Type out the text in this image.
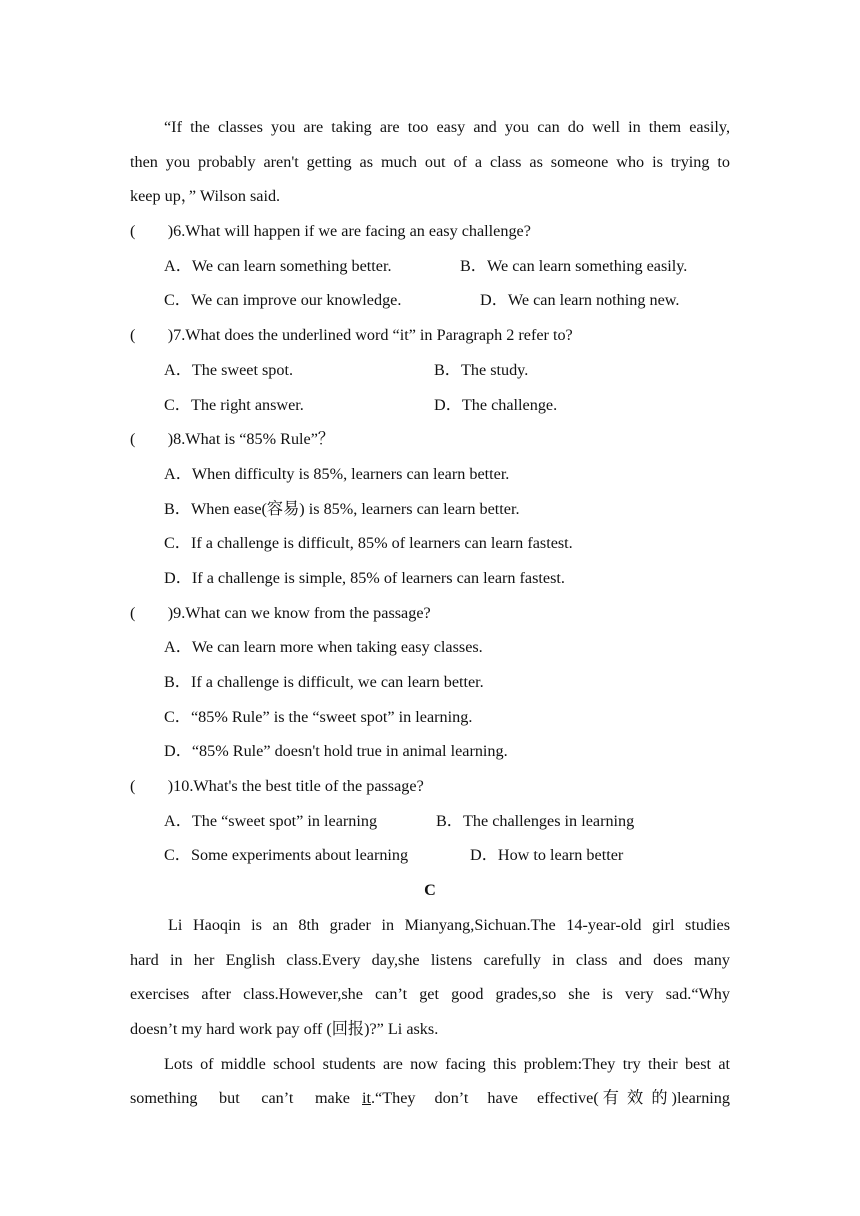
“If the classes you are taking are too easy and you can do well in them easily,
then you probably aren't getting as much out of a class as someone who is trying to
keep up，” Wilson said.
(　　)6.What will happen if we are facing an easy challenge?
A．We can learn something better.	B．We can learn something easily.
C．We can improve our knowledge.	D．We can learn nothing new.
(　　)7.What does the underlined word “it” in Paragraph 2 refer to?
A．The sweet spot.	B．The study.
C．The right answer.	D．The challenge.
(　　)8.What is “85% Rule”？
A．When difficulty is 85%, learners can learn better.
B．When ease(容易) is 85%, learners can learn better.
C．If a challenge is difficult, 85% of learners can learn fastest.
D．If a challenge is simple, 85% of learners can learn fastest.
(　　)9.What can we know from the passage?
A．We can learn more when taking easy classes.
B．If a challenge is difficult, we can learn better.
C．“85% Rule” is the “sweet spot” in learning.
D．“85% Rule” doesn't hold true in animal learning.
(　　)10.What's the best title of the passage?
A．The “sweet spot” in learning	B．The challenges in learning
C．Some experiments about learning	D．How to learn better
C
Li Haoqin is an 8th grader in Mianyang,Sichuan.The 14-year-old girl studies
hard in her English class.Every day,she listens carefully in class and does many
exercises after class.However,she can’t get good grades,so she is very sad.“Why
doesn’t my hard work pay off (回报)?” Li asks.
Lots of middle school students are now facing this problem:They try their best at
something but can’t make it.“They don’t have effective( 有  效  的 )learning
